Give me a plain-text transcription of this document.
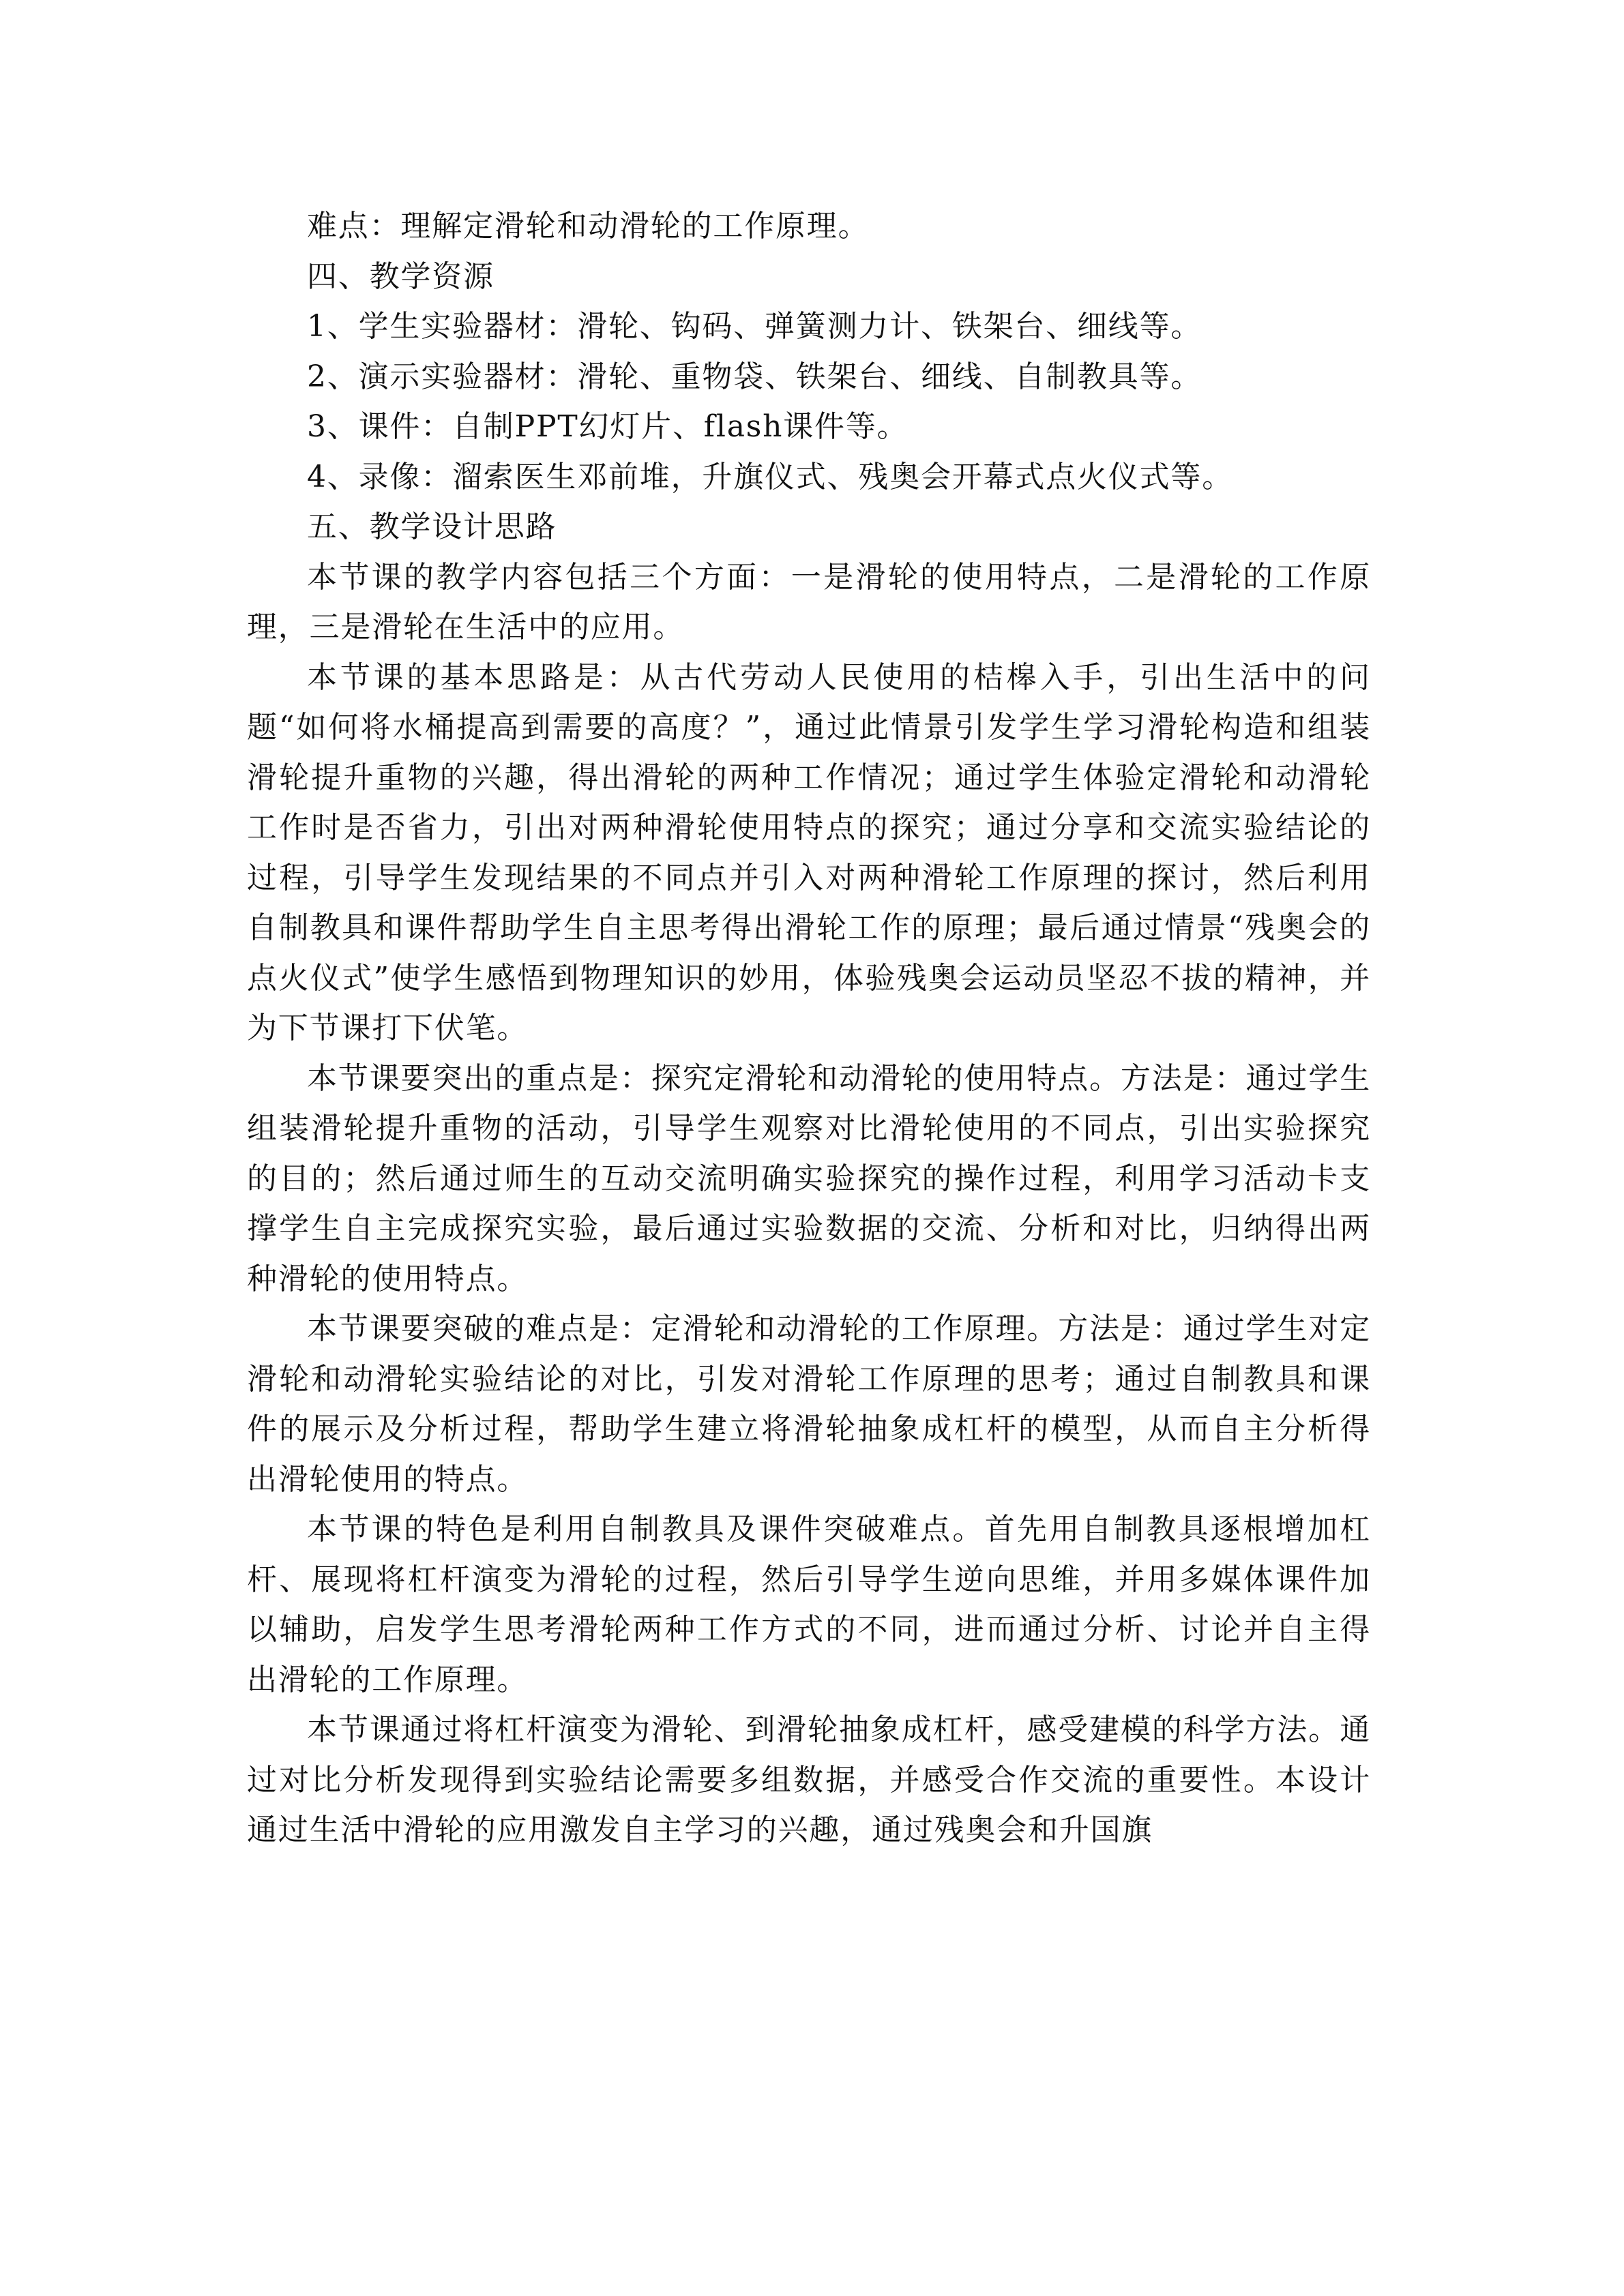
难点：理解定滑轮和动滑轮的工作原理。

四、教学资源

1、学生实验器材：滑轮、钩码、弹簧测力计、铁架台、细线等。

2、演示实验器材：滑轮、重物袋、铁架台、细线、自制教具等。

3、课件：自制PPT幻灯片、flash课件等。

4、录像：溜索医生邓前堆，升旗仪式、残奥会开幕式点火仪式等。

五、教学设计思路

本节课的教学内容包括三个方面：一是滑轮的使用特点，二是滑轮的工作原理，三是滑轮在生活中的应用。

本节课的基本思路是：从古代劳动人民使用的桔槔入手，引出生活中的问题“如何将水桶提高到需要的高度？”，通过此情景引发学生学习滑轮构造和组装滑轮提升重物的兴趣，得出滑轮的两种工作情况；通过学生体验定滑轮和动滑轮工作时是否省力，引出对两种滑轮使用特点的探究；通过分享和交流实验结论的过程，引导学生发现结果的不同点并引入对两种滑轮工作原理的探讨，然后利用自制教具和课件帮助学生自主思考得出滑轮工作的原理；最后通过情景“残奥会的点火仪式”使学生感悟到物理知识的妙用，体验残奥会运动员坚忍不拔的精神，并为下节课打下伏笔。

本节课要突出的重点是：探究定滑轮和动滑轮的使用特点。方法是：通过学生组装滑轮提升重物的活动，引导学生观察对比滑轮使用的不同点，引出实验探究的目的；然后通过师生的互动交流明确实验探究的操作过程，利用学习活动卡支撑学生自主完成探究实验，最后通过实验数据的交流、分析和对比，归纳得出两种滑轮的使用特点。

本节课要突破的难点是：定滑轮和动滑轮的工作原理。方法是：通过学生对定滑轮和动滑轮实验结论的对比，引发对滑轮工作原理的思考；通过自制教具和课件的展示及分析过程，帮助学生建立将滑轮抽象成杠杆的模型，从而自主分析得出滑轮使用的特点。

本节课的特色是利用自制教具及课件突破难点。首先用自制教具逐根增加杠杆、展现将杠杆演变为滑轮的过程，然后引导学生逆向思维，并用多媒体课件加以辅助，启发学生思考滑轮两种工作方式的不同，进而通过分析、讨论并自主得出滑轮的工作原理。

本节课通过将杠杆演变为滑轮、到滑轮抽象成杠杆，感受建模的科学方法。通过对比分析发现得到实验结论需要多组数据，并感受合作交流的重要性。本设计通过生活中滑轮的应用激发自主学习的兴趣，通过残奥会和升国旗
